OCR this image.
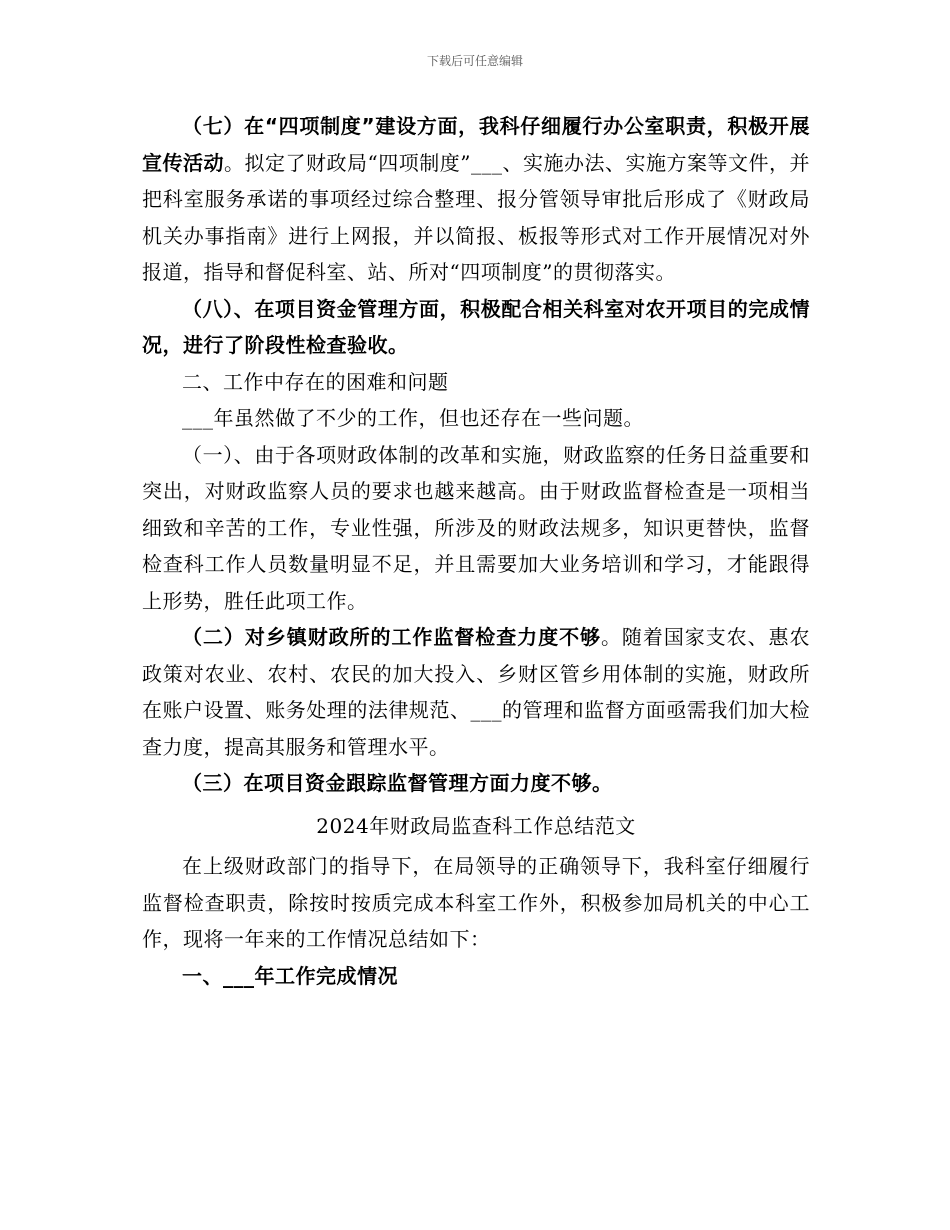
下载后可任意编辑

（七）在“四项制度”建设方面，我科仔细履行办公室职责，积极开展宣传活动。拟定了财政局“四项制度”___、实施办法、实施方案等文件，并把科室服务承诺的事项经过综合整理、报分管领导审批后形成了《财政局机关办事指南》进行上网报，并以简报、板报等形式对工作开展情况对外报道，指导和督促科室、站、所对“四项制度”的贯彻落实。

（八）、在项目资金管理方面，积极配合相关科室对农开项目的完成情况，进行了阶段性检查验收。

二、工作中存在的困难和问题

___年虽然做了不少的工作，但也还存在一些问题。

（一）、由于各项财政体制的改革和实施，财政监察的任务日益重要和突出，对财政监察人员的要求也越来越高。由于财政监督检查是一项相当细致和辛苦的工作，专业性强，所涉及的财政法规多，知识更替快，监督检查科工作人员数量明显不足，并且需要加大业务培训和学习，才能跟得上形势，胜任此项工作。

（二）对乡镇财政所的工作监督检查力度不够。随着国家支农、惠农政策对农业、农村、农民的加大投入、乡财区管乡用体制的实施，财政所在账户设置、账务处理的法律规范、___的管理和监督方面亟需我们加大检查力度，提高其服务和管理水平。

（三）在项目资金跟踪监督管理方面力度不够。

2024年财政局监查科工作总结范文

在上级财政部门的指导下，在局领导的正确领导下，我科室仔细履行监督检查职责，除按时按质完成本科室工作外，积极参加局机关的中心工作，现将一年来的工作情况总结如下：

一、___年工作完成情况
